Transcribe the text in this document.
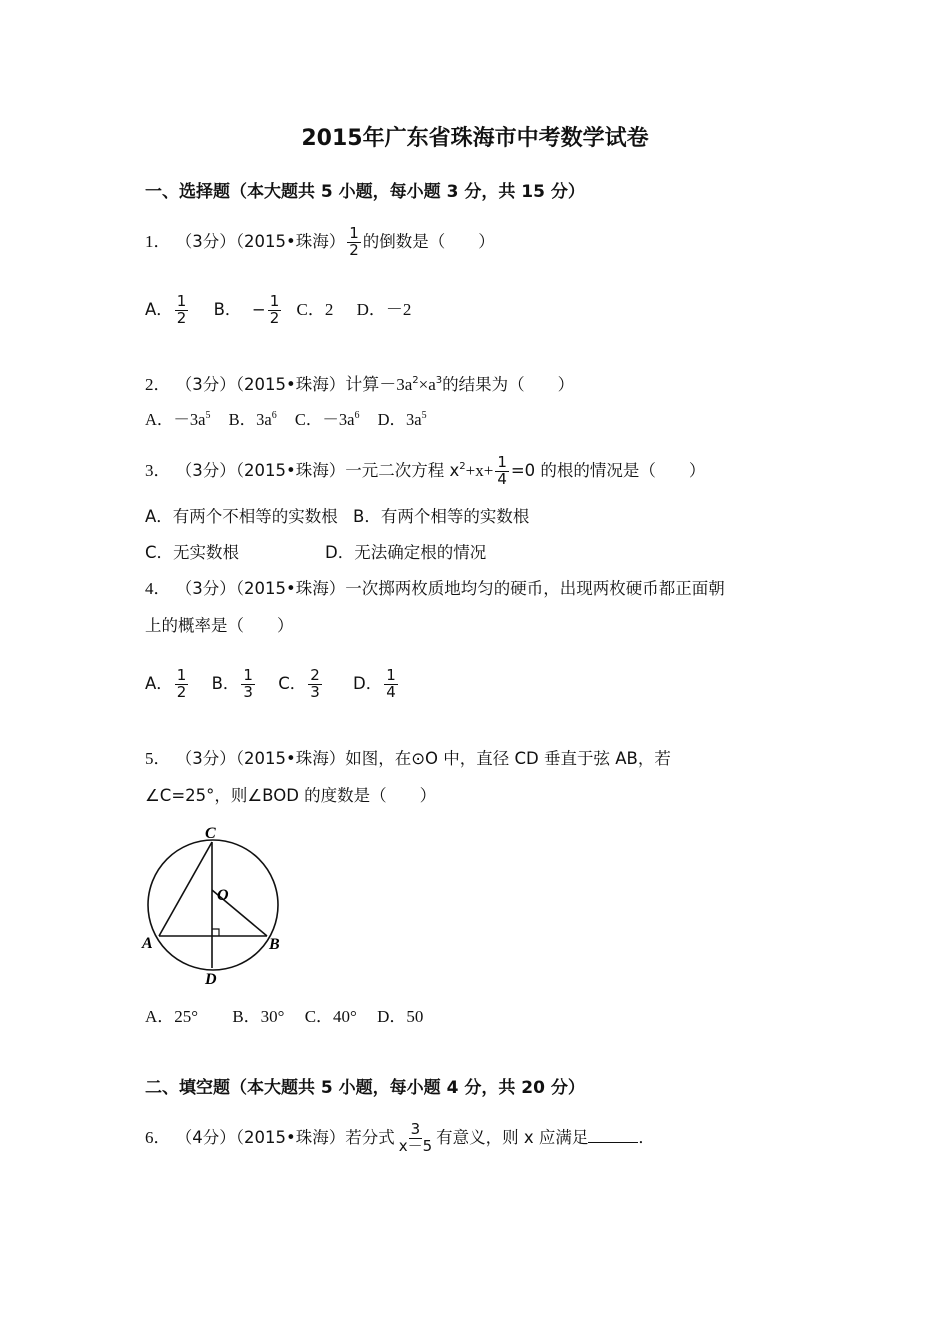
2015年广东省珠海市中考数学试卷
一、选择题（本大题共 5 小题，每小题 3 分，共 15 分）
1． （3分）（2015•珠海） $\frac{1}{2}$ 的倒数是（　　）
A． $\frac{1}{2}$ B． − $\frac{1}{2}$ C．2 D．－2
2． （3分）（2015•珠海）计算$-3a^2\times a^3$的结果为（　　）
A．$-3a^5$ B．$3a^6$ C．$-3a^6$ D．$3a^5$
3． （3分）（2015•珠海）一元二次方程 $x^2+x+ \frac{1}{4} =0$ 的根的情况是（　　）
A．有两个不相等的实数根 B．有两个相等的实数根
C．无实数根	D．无法确定根的情况
4． （3分）（2015•珠海）一次掷两枚质地均匀的硬币，出现两枚硬币都正面朝
上的概率是（　　）
A． $\frac{1}{2}$ B． $\frac{1}{3}$ C． $\frac{2}{3}$ D． $\frac{1}{4}$
5． （3分）（2015•珠海）如图，在⊙O 中，直径 CD 垂直于弦 AB，若
∠C=25°，则∠BOD 的度数是（　　）
C
O
A	B
D
A．25° B．30° C．40° D．50
二、填空题（本大题共 5 小题，每小题 4 分，共 20 分）
6． （4分）（2015•珠海）若分式 $\frac{3}{x-5}$ 有意义，则 x 应满足	．
